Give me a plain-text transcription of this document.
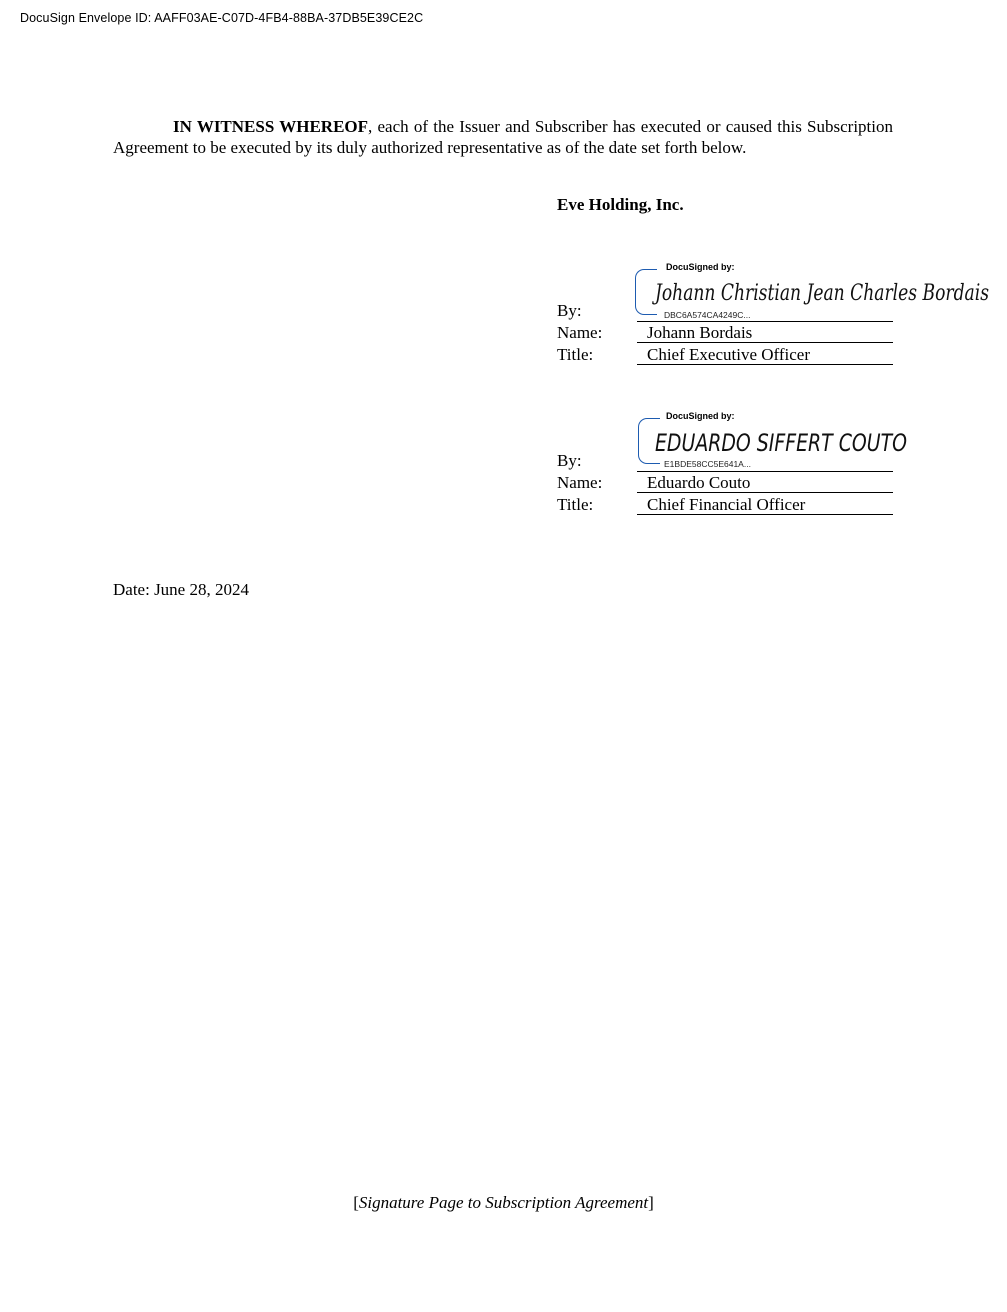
DocuSign Envelope ID: AAFF03AE-C07D-4FB4-88BA-37DB5E39CE2C

IN WITNESS WHEREOF, each of the Issuer and Subscriber has executed or caused this Subscription Agreement to be executed by its duly authorized representative as of the date set forth below.

Eve Holding, Inc.
DocuSigned by:
Johann Christian Jean Charles Bordais
DBC6A574CA4249C...
By:
Name:	Johann Bordais
Title:	Chief Executive Officer
DocuSigned by:
EDUARDO SIFFERT COUTO
E1BDE58CC5E641A...
By:
Name:	Eduardo Couto
Title:	Chief Financial Officer
Date: June 28, 2024
[Signature Page to Subscription Agreement]
